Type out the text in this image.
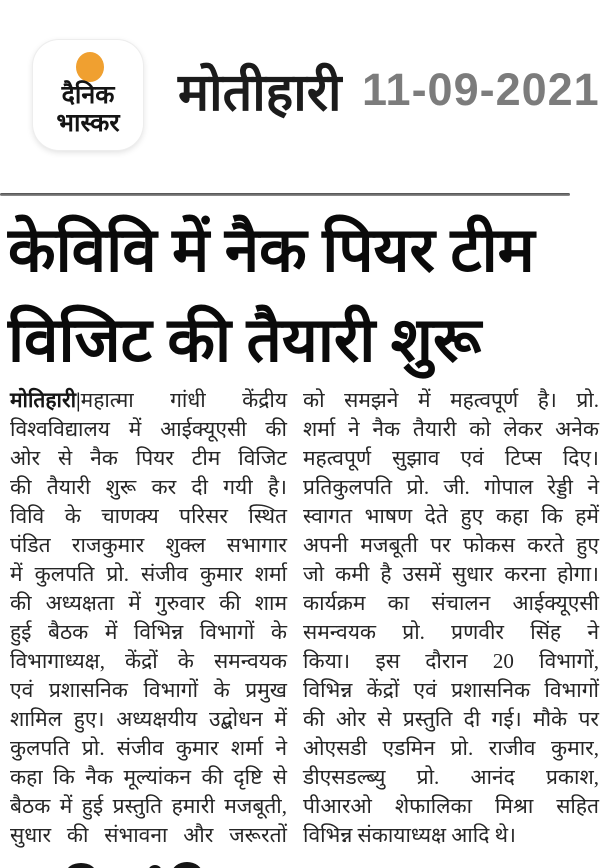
दैनिक
भास्कर
मोतीहारी 11-09-2021
केविवि में नैक पियर टीम
विजिट की तैयारी शुरू
मोतिहारी|महात्मा गांधी केंद्रीय
विश्वविद्यालय में आईक्यूएसी की
ओर से नैक पियर टीम विजिट
की तैयारी शुरू कर दी गयी है।
विवि के चाणक्य परिसर स्थित
पंडित राजकुमार शुक्ल सभागार
में कुलपति प्रो. संजीव कुमार शर्मा
की अध्यक्षता में गुरुवार की शाम
हुई बैठक में विभिन्न विभागों के
विभागाध्यक्ष, केंद्रों के समन्वयक
एवं प्रशासनिक विभागों के प्रमुख
शामिल हुए। अध्यक्षयीय उद्बोधन में
कुलपति प्रो. संजीव कुमार शर्मा ने
कहा कि नैक मूल्यांकन की दृष्टि से
बैठक में हुई प्रस्तुति हमारी मजबूती,
सुधार की संभावना और जरूरतों
को समझने में महत्वपूर्ण है। प्रो.
शर्मा ने नैक तैयारी को लेकर अनेक
महत्वपूर्ण सुझाव एवं टिप्स दिए।
प्रतिकुलपति प्रो. जी. गोपाल रेड्डी ने
स्वागत भाषण देते हुए कहा कि हमें
अपनी मजबूती पर फोकस करते हुए
जो कमी है उसमें सुधार करना होगा।
कार्यक्रम का संचालन आईक्यूएसी
समन्वयक प्रो. प्रणवीर सिंह ने
किया। इस दौरान 20 विभागों,
विभिन्न केंद्रों एवं प्रशासनिक विभागों
की ओर से प्रस्तुति दी गई। मौके पर
ओएसडी एडमिन प्रो. राजीव कुमार,
डीएसडल्ब्यु प्रो. आनंद प्रकाश,
पीआरओ शेफालिका मिश्रा सहित
विभिन्न संकायाध्यक्ष आदि थे।
